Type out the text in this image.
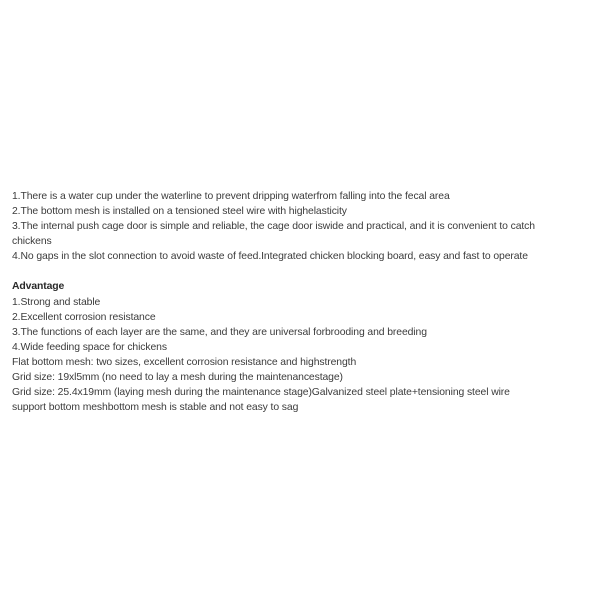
1.There is a water cup under the waterline to prevent dripping waterfrom falling into the fecal area
2.The bottom mesh is installed on a tensioned steel wire with highelasticity
3.The internal push cage door is simple and reliable, the cage door iswide and practical, and it is convenient to catch
chickens
4.No gaps in the slot connection to avoid waste of feed.Integrated chicken blocking board, easy and fast to operate
Advantage
1.Strong and stable
2.Excellent corrosion resistance
3.The functions of each layer are the same, and they are universal forbrooding and breeding
4.Wide feeding space for chickens
Flat bottom mesh: two sizes, excellent corrosion resistance and highstrength
Grid size: 19xl5mm (no need to lay a mesh during the maintenancestage)
Grid size: 25.4x19mm (laying mesh during the maintenance stage)Galvanized steel plate+tensioning steel wire
support bottom meshbottom mesh is stable and not easy to sag
